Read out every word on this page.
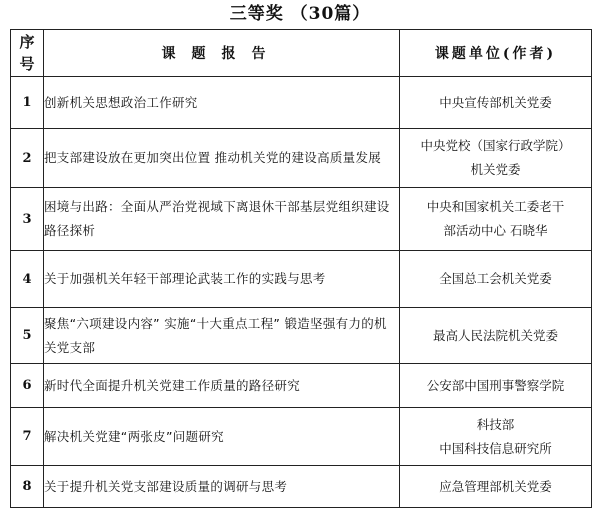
三等奖 （30篇）
序号	课题报告	课题单位(作者)
1	创新机关思想政治工作研究	中央宣传部机关党委

2	把支部建设放在更加突出位置 推动机关党的建设高质量发展	中央党校（国家行政学院）
机关党委

3	困境与出路：全面从严治党视域下离退休干部基层党组织建设路径探析	中央和国家机关工委老干
部活动中心 石晓华

4	关于加强机关年轻干部理论武装工作的实践与思考	全国总工会机关党委

5	聚焦“六项建设内容” 实施“十大重点工程” 锻造坚强有力的机关党支部	最高人民法院机关党委

6	新时代全面提升机关党建工作质量的路径研究	公安部中国刑事警察学院

7	解决机关党建“两张皮”问题研究	科技部
中国科技信息研究所

8	关于提升机关党支部建设质量的调研与思考	应急管理部机关党委
